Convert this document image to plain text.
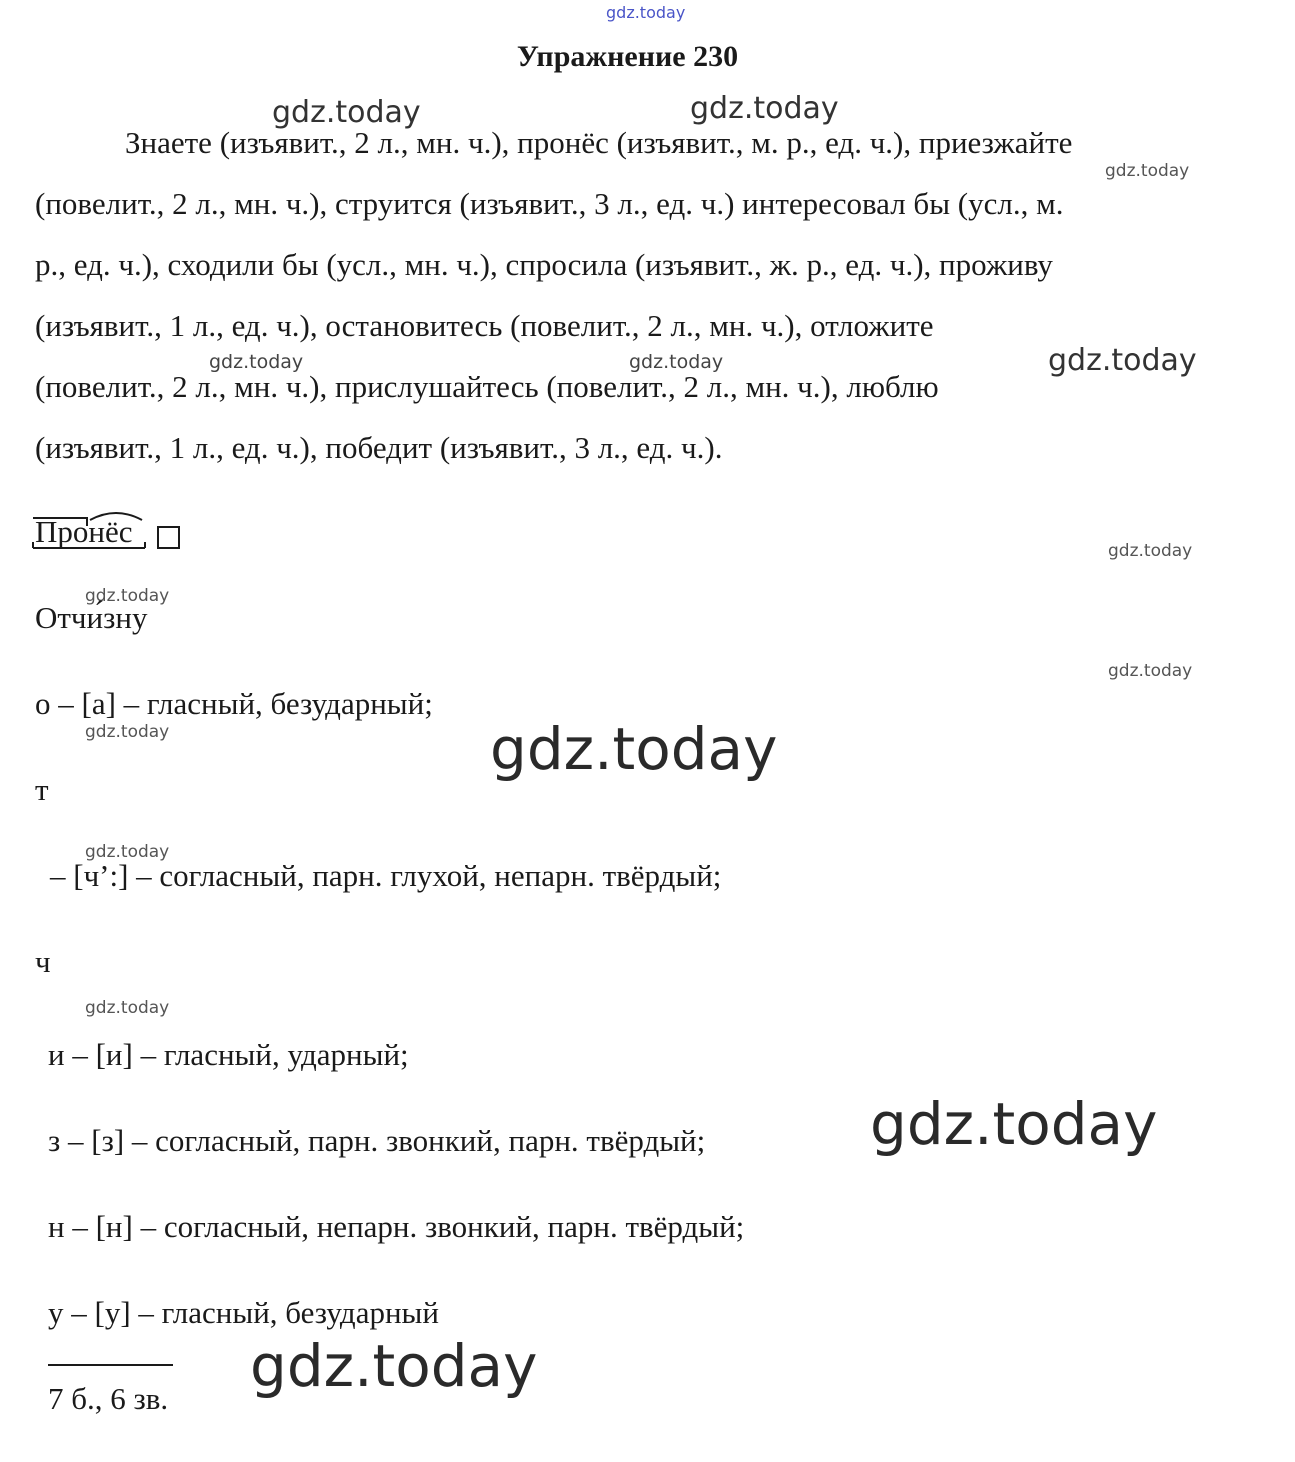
gdz.today
gdz.today	gdz.today
gdz.today
gdz.today	gdz.today	gdz.today
gdz.today
gdz.today
gdz.today
gdz.today	gdz.today
gdz.today
gdz.today
gdz.today
gdz.today
Упражнение 230
Знаете (изъявит., 2 л., мн. ч.), пронёс (изъявит., м. р., ед. ч.), приезжайте
(повелит., 2 л., мн. ч.), струится (изъявит., 3 л., ед. ч.) интересовал бы (усл., м.
р., ед. ч.), сходили бы (усл., мн. ч.), спросила (изъявит., ж. р., ед. ч.), проживу
(изъявит., 1 л., ед. ч.), остановитесь (повелит., 2 л., мн. ч.), отложите
(повелит., 2 л., мн. ч.), прислушайтесь (повелит., 2 л., мн. ч.), люблю
(изъявит., 1 л., ед. ч.), победит (изъявит., 3 л., ед. ч.).
Пронёс
Отчи́зну
о – [а] – гласный, безударный;
т
– [ч’:] – согласный, парн. глухой, непарн. твёрдый;
ч
и – [и] – гласный, ударный;
з – [з] – согласный, парн. звонкий, парн. твёрдый;
н – [н] – согласный, непарн. звонкий, парн. твёрдый;
у – [у] – гласный, безударный
7 б., 6 зв.
